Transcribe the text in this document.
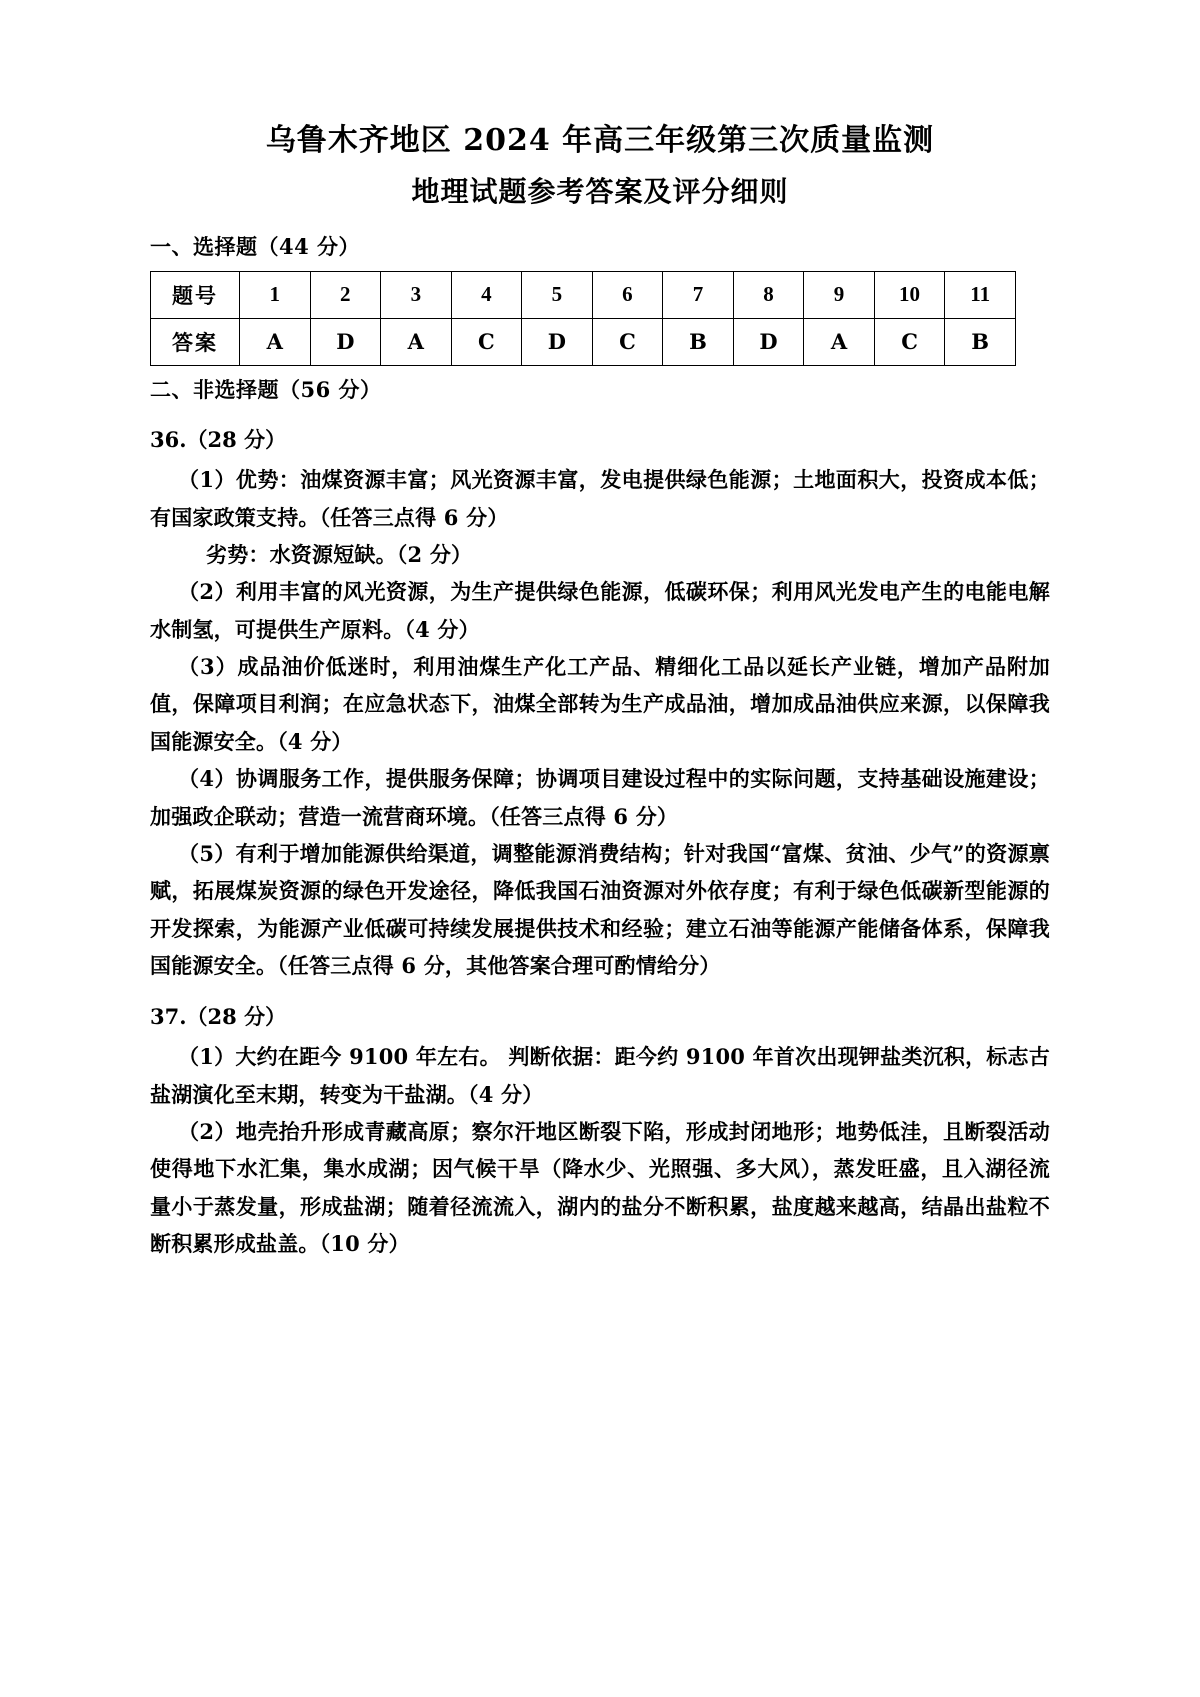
乌鲁木齐地区 2024 年高三年级第三次质量监测
地理试题参考答案及评分细则
一、选择题（44 分）
题号	1	2	3	4	5	6	7	8	9	10	11
答案	A	D	A	C	D	C	B	D	A	C	B
二、非选择题（56 分）
36.（28 分）

（1）优势：油煤资源丰富；风光资源丰富，发电提供绿色能源；土地面积大，投资成本低；有国家政策支持。（任答三点得 6 分）

劣势：水资源短缺。（2 分）

（2）利用丰富的风光资源，为生产提供绿色能源，低碳环保；利用风光发电产生的电能电解水制氢，可提供生产原料。（4 分）

（3）成品油价低迷时，利用油煤生产化工产品、精细化工品以延长产业链，增加产品附加值，保障项目利润；在应急状态下，油煤全部转为生产成品油，增加成品油供应来源，以保障我国能源安全。（4 分）

（4）协调服务工作，提供服务保障；协调项目建设过程中的实际问题，支持基础设施建设；加强政企联动；营造一流营商环境。（任答三点得 6 分）

（5）有利于增加能源供给渠道，调整能源消费结构；针对我国“富煤、贫油、少气”的资源禀赋，拓展煤炭资源的绿色开发途径，降低我国石油资源对外依存度；有利于绿色低碳新型能源的开发探索，为能源产业低碳可持续发展提供技术和经验；建立石油等能源产能储备体系，保障我国能源安全。（任答三点得 6 分，其他答案合理可酌情给分）

37.（28 分）

（1）大约在距今 9100 年左右。 判断依据：距今约 9100 年首次出现钾盐类沉积，标志古盐湖演化至末期，转变为干盐湖。（4 分）

（2）地壳抬升形成青藏高原；察尔汗地区断裂下陷，形成封闭地形；地势低洼，且断裂活动使得地下水汇集，集水成湖；因气候干旱（降水少、光照强、多大风），蒸发旺盛，且入湖径流量小于蒸发量，形成盐湖；随着径流流入，湖内的盐分不断积累，盐度越来越高，结晶出盐粒不断积累形成盐盖。（10 分）
